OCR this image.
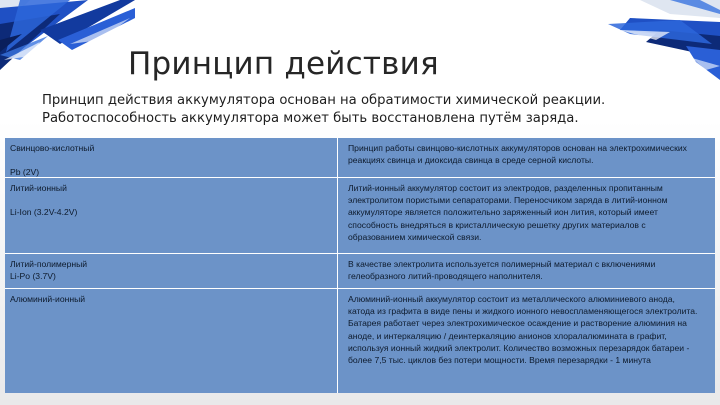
Принцип действия
Принцип действия аккумулятора основан на обратимости химической реакции. Работоспособность аккумулятора может быть восстановлена путём заряда.
Свинцово-кислотный
Pb (2V)
Принцип работы свинцово-кислотных аккумуляторов основан на электрохимических реакциях свинца и диоксида свинца в среде серной кислоты.
Литий-ионный
Li-Ion (3.2V-4.2V)
Литий-ионный аккумулятор состоит из электродов, разделенных пропитанным электролитом пористыми сепараторами. Переносчиком заряда в литий-ионном аккумуляторе является положительно заряженный ион лития, который имеет способность внедряться в кристаллическую решетку других материалов с образованием химической связи.
Литий-полимерный
Li-Po (3.7V)
В качестве электролита используется полимерный материал с включениями гелеобразного литий-проводящего наполнителя.
Алюминий-ионный	Алюминий-ионный аккумулятор состоит из металлического алюминиевого анода, катода из графита в виде пены и жидкого ионного невоспламеняющегося электролита. Батарея работает через электрохимическое осаждение и растворение алюминия на аноде, и интеркаляцию / деинтеркаляцию анионов хлоралалюмината в графит, используя ионный жидкий электролит. Количество возможных перезарядок батареи - более 7,5 тыс. циклов без потери мощности. Время перезарядки - 1 минута
